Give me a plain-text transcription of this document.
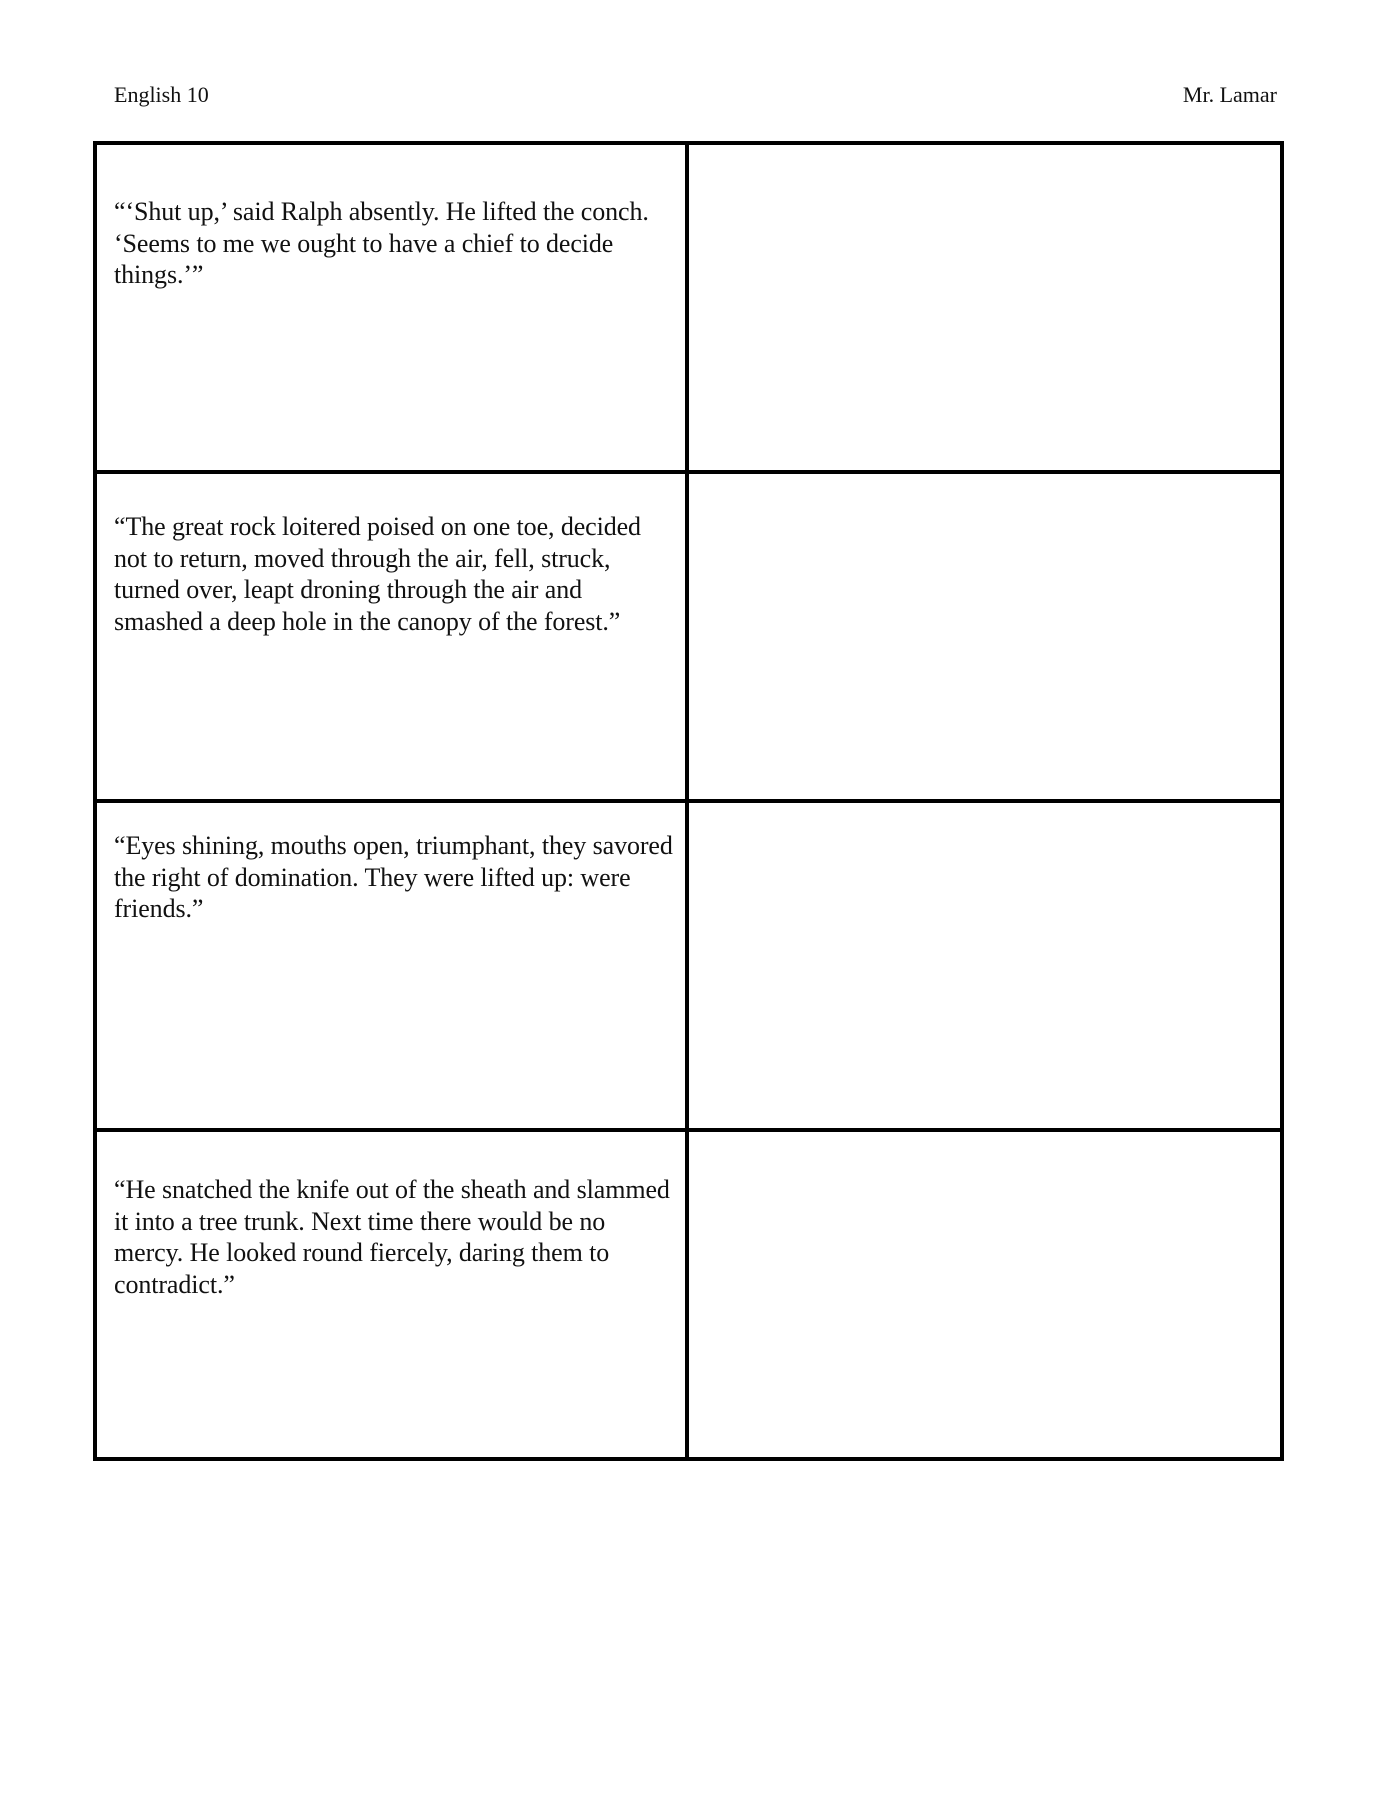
English 10	Mr. Lamar
“‘Shut up,’ said Ralph absently. He lifted the conch. ‘Seems to me we ought to have a chief to decide things.’”	

“The great rock loitered poised on one toe, decided not to return, moved through the air, fell, struck, turned over, leapt droning through the air and smashed a deep hole in the canopy of the forest.”	

“Eyes shining, mouths open, triumphant, they savored the right of domination. They were lifted up: were friends.”	

“He snatched the knife out of the sheath and slammed it into a tree trunk. Next time there would be no mercy. He looked round fiercely, daring them to contradict.”	
